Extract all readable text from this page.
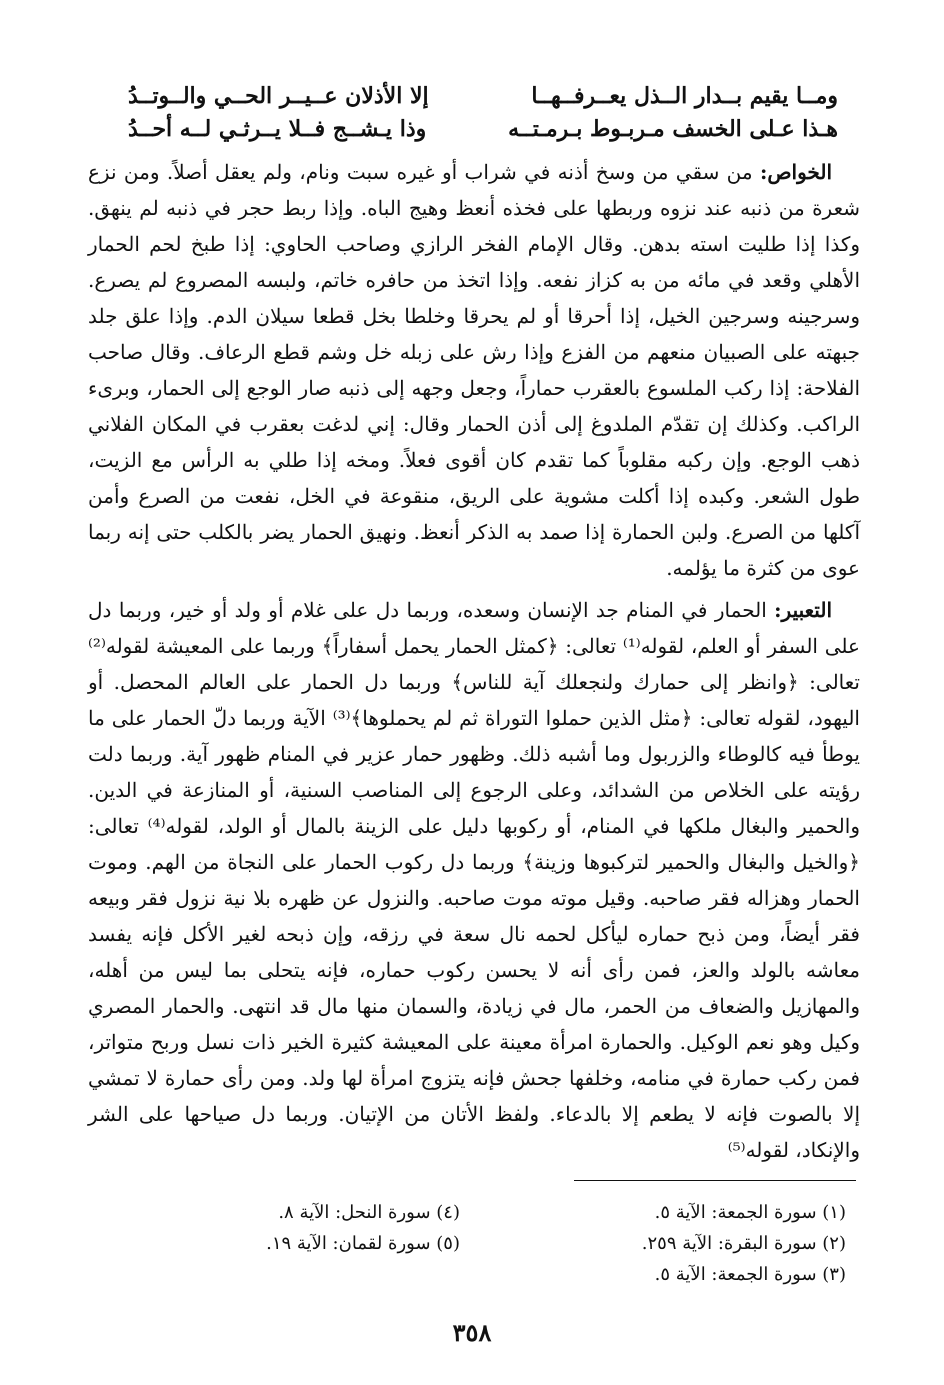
ومــا يقيم بــدار الــذل يعــرفــهــا
إلا الأذلان عــيــر الحــي والــوتــدُ
هـذا عـلى الخسف مـربـوط بـرمـتــه
وذا يـشــج فــلا يــرثـي لــه أحــدُ

الخواص: من سقي من وسخ أذنه في شراب أو غيره سبت ونام، ولم يعقل أصلاً. ومن نزع شعرة من ذنبه عند نزوه وربطها على فخذه أنعظ وهيج الباه. وإذا ربط حجر في ذنبه لم ينهق. وكذا إذا طليت استه بدهن. وقال الإمام الفخر الرازي وصاحب الحاوي: إذا طبخ لحم الحمار الأهلي وقعد في مائه من به كزاز نفعه. وإذا اتخذ من حافره خاتم، ولبسه المصروع لم يصرع. وسرجينه وسرجين الخيل، إذا أحرقا أو لم يحرقا وخلطا بخل قطعا سيلان الدم. وإذا علق جلد جبهته على الصبيان منعهم من الفزع وإذا رش على زبله خل وشم قطع الرعاف. وقال صاحب الفلاحة: إذا ركب الملسوع بالعقرب حماراً، وجعل وجهه إلى ذنبه صار الوجع إلى الحمار، وبرىء الراكب. وكذلك إن تقدّم الملدوغ إلى أذن الحمار وقال: إني لدغت بعقرب في المكان الفلاني ذهب الوجع. وإن ركبه مقلوباً كما تقدم كان أقوى فعلاً. ومخه إذا طلي به الرأس مع الزيت، طول الشعر. وكبده إذا أكلت مشوية على الريق، منقوعة في الخل، نفعت من الصرع وأمن آكلها من الصرع. ولبن الحمارة إذا صمد به الذكر أنعظ. ونهيق الحمار يضر بالكلب حتى إنه ربما عوى من كثرة ما يؤلمه.

التعبير: الحمار في المنام جد الإنسان وسعده، وربما دل على غلام أو ولد أو خير، وربما دل على السفر أو العلم، لقوله⁽¹⁾ تعالى: ﴿كمثل الحمار يحمل أسفاراً﴾ وربما على المعيشة لقوله⁽²⁾ تعالى: ﴿وانظر إلى حمارك ولنجعلك آية للناس﴾ وربما دل الحمار على العالم المحصل. أو اليهود، لقوله تعالى: ﴿مثل الذين حملوا التوراة ثم لم يحملوها﴾⁽³⁾ الآية وربما دلّ الحمار على ما يوطأ فيه كالوطاء والزربول وما أشبه ذلك. وظهور حمار عزير في المنام ظهور آية. وربما دلت رؤيته على الخلاص من الشدائد، وعلى الرجوع إلى المناصب السنية، أو المنازعة في الدين. والحمير والبغال ملكها في المنام، أو ركوبها دليل على الزينة بالمال أو الولد، لقوله⁽⁴⁾ تعالى: ﴿والخيل والبغال والحمير لتركبوها وزينة﴾ وربما دل ركوب الحمار على النجاة من الهم. وموت الحمار وهزاله فقر صاحبه. وقيل موته موت صاحبه. والنزول عن ظهره بلا نية نزول فقر وبيعه فقر أيضاً، ومن ذبح حماره ليأكل لحمه نال سعة في رزقه، وإن ذبحه لغير الأكل فإنه يفسد معاشه بالولد والعز، فمن رأى أنه لا يحسن ركوب حماره، فإنه يتحلى بما ليس من أهله، والمهازيل والضعاف من الحمر، مال في زيادة، والسمان منها مال قد انتهى. والحمار المصري وكيل وهو نعم الوكيل. والحمارة امرأة معينة على المعيشة كثيرة الخير ذات نسل وربح متواتر، فمن ركب حمارة في منامه، وخلفها جحش فإنه يتزوج امرأة لها ولد. ومن رأى حمارة لا تمشي إلا بالصوت فإنه لا يطعم إلا بالدعاء. ولفظ الأتان من الإتيان. وربما دل صياحها على الشر والإنكاد، لقوله⁽⁵⁾

(١) سورة الجمعة: الآية ٥.
(٢) سورة البقرة: الآية ٢٥٩.
(٣) سورة الجمعة: الآية ٥.
(٤) سورة النحل: الآية ٨.
(٥) سورة لقمان: الآية ١٩.
٣٥٨
